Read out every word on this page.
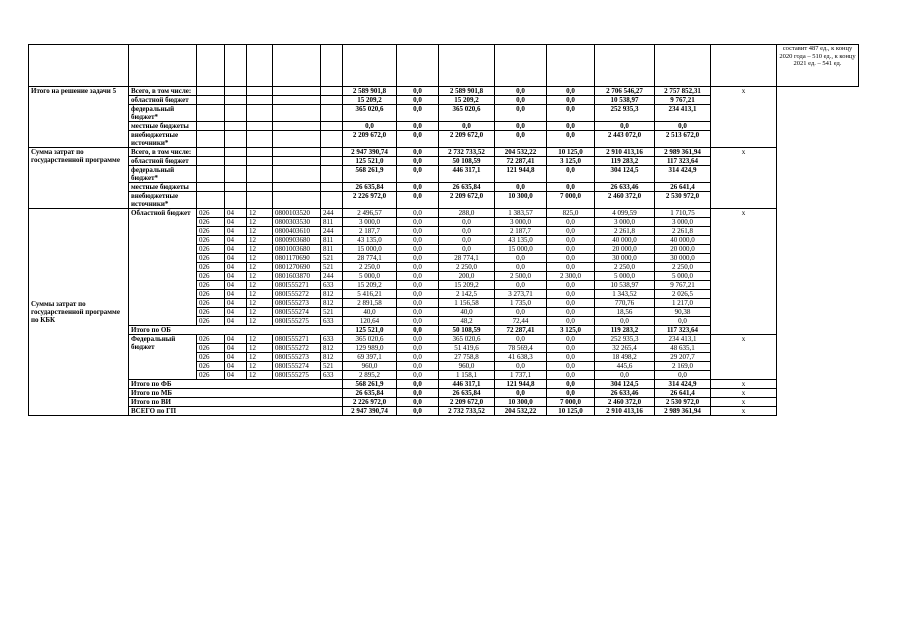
															составит 487 ед., к концу 2020 года – 510 ед., к концу 2021 ед. – 541 ед.
Итого на решение задачи 5	Всего, в том числе:						2 589 901,8	0,0	2 589 901,8	0,0	0,0	2 706 546,27	2 757 852,31	х	
	областной бюджет						15 209,2	0,0	15 209,2	0,0	0,0	10 538,97	9 767,21		
	федеральный бюджет*						365 020,6	0,0	365 020,6	0,0	0,0	252 935,3	234 413,1		
	местные бюджеты						0,0	0,0	0,0	0,0	0,0	0,0	0,0		
	внебюджетные источники*						2 209 672,0	0,0	2 209 672,0	0,0	0,0	2 443 072,0	2 513 672,0		
Сумма затрат по государственной программе	Всего, в том числе:						2 947 390,74	0,0	2 732 733,52	204 532,22	10 125,0	2 910 413,16	2 989 361,94	х	
	областной бюджет						125 521,0	0,0	50 108,59	72 287,41	3 125,0	119 283,2	117 323,64		
	федеральный бюджет*						568 261,9	0,0	446 317,1	121 944,8	0,0	304 124,5	314 424,9		
	местные бюджеты						26 635,84	0,0	26 635,84	0,0	0,0	26 633,46	26 641,4		
	внебюджетные источники*						2 226 972,0	0,0	2 209 672,0	10 300,0	7 000,0	2 460 372,0	2 530 972,0		
Суммы затрат по государственной программе по КБК	Областной бюджет	026	04	12	0800103520	244	2 496,57	0,0	288,0	1 383,57	825,0	4 099,59	1 710,75	х	
		026	04	12	0800303530	811	3 000,0	0,0	0,0	3 000,0	0,0	3 000,0	3 000,0		
		026	04	12	0800403610	244	2 187,7	0,0	0,0	2 187,7	0,0	2 261,8	2 261,8		
		026	04	12	0800903680	811	43 135,0	0,0	0,0	43 135,0	0,0	40 000,0	40 000,0		
		026	04	12	0801003680	811	15 000,0	0,0	0,0	15 000,0	0,0	20 000,0	20 000,0		
		026	04	12	0801170690	521	28 774,1	0,0	28 774,1	0,0	0,0	30 000,0	30 000,0		
		026	04	12	0801270690	521	2 250,0	0,0	2 250,0	0,0	0,0	2 250,0	2 250,0		
		026	04	12	0801603870	244	5 000,0	0,0	200,0	2 500,0	2 300,0	5 000,0	5 000,0		
		026	04	12	080I555271	633	15 209,2	0,0	15 209,2	0,0	0,0	10 538,97	9 767,21		
		026	04	12	080I555272	812	5 416,21	0,0	2 142,5	3 273,71	0,0	1 343,52	2 026,5		
		026	04	12	080I555273	812	2 891,58	0,0	1 156,58	1 735,0	0,0	770,76	1 217,0		
		026	04	12	080I555274	521	40,0	0,0	40,0	0,0	0,0	18,56	90,38		
		026	04	12	080I555275	633	120,64	0,0	48,2	72,44	0,0	0,0	0,0		
	Итого по ОБ						125 521,0	0,0	50 108,59	72 287,41	3 125,0	119 283,2	117 323,64		
	Федеральный бюджет	026	04	12	080I555271	633	365 020,6	0,0	365 020,6	0,0	0,0	252 935,3	234 413,1	х	
		026	04	12	080I555272	812	129 989,0	0,0	51 419,6	78 569,4	0,0	32 265,4	48 635,1		
		026	04	12	080I555273	812	69 397,1	0,0	27 758,8	41 638,3	0,0	18 498,2	29 207,7		
		026	04	12	080I555274	521	960,0	0,0	960,0	0,0	0,0	445,6	2 169,0		
		026	04	12	080I555275	633	2 895,2	0,0	1 158,1	1 737,1	0,0	0,0	0,0		
	Итого по ФБ						568 261,9	0,0	446 317,1	121 944,8	0,0	304 124,5	314 424,9	х	
	Итого по МБ						26 635,84	0,0	26 635,84	0,0	0,0	26 633,46	26 641,4	х	
	Итого по ВИ						2 226 972,0	0,0	2 209 672,0	10 300,0	7 000,0	2 460 372,0	2 530 972,0	х	
	ВСЕГО по ГП						2 947 390,74	0,0	2 732 733,52	204 532,22	10 125,0	2 910 413,16	2 989 361,94	х	
